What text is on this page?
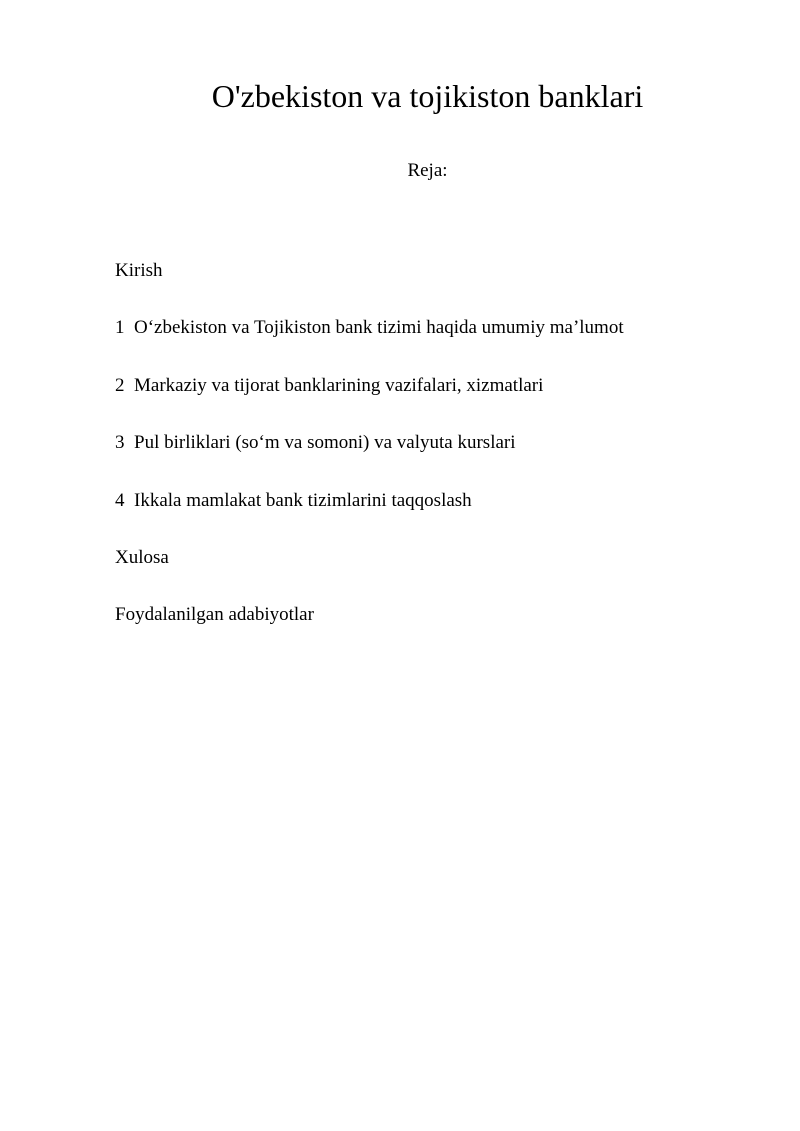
O'zbekiston va tojikiston banklari
Reja:
Kirish
1 O‘zbekiston va Tojikiston bank tizimi haqida umumiy ma’lumot
2 Markaziy va tijorat banklarining vazifalari, xizmatlari
3 Pul birliklari (so‘m va somoni) va valyuta kurslari
4 Ikkala mamlakat bank tizimlarini taqqoslash
Xulosa
Foydalanilgan adabiyotlar
